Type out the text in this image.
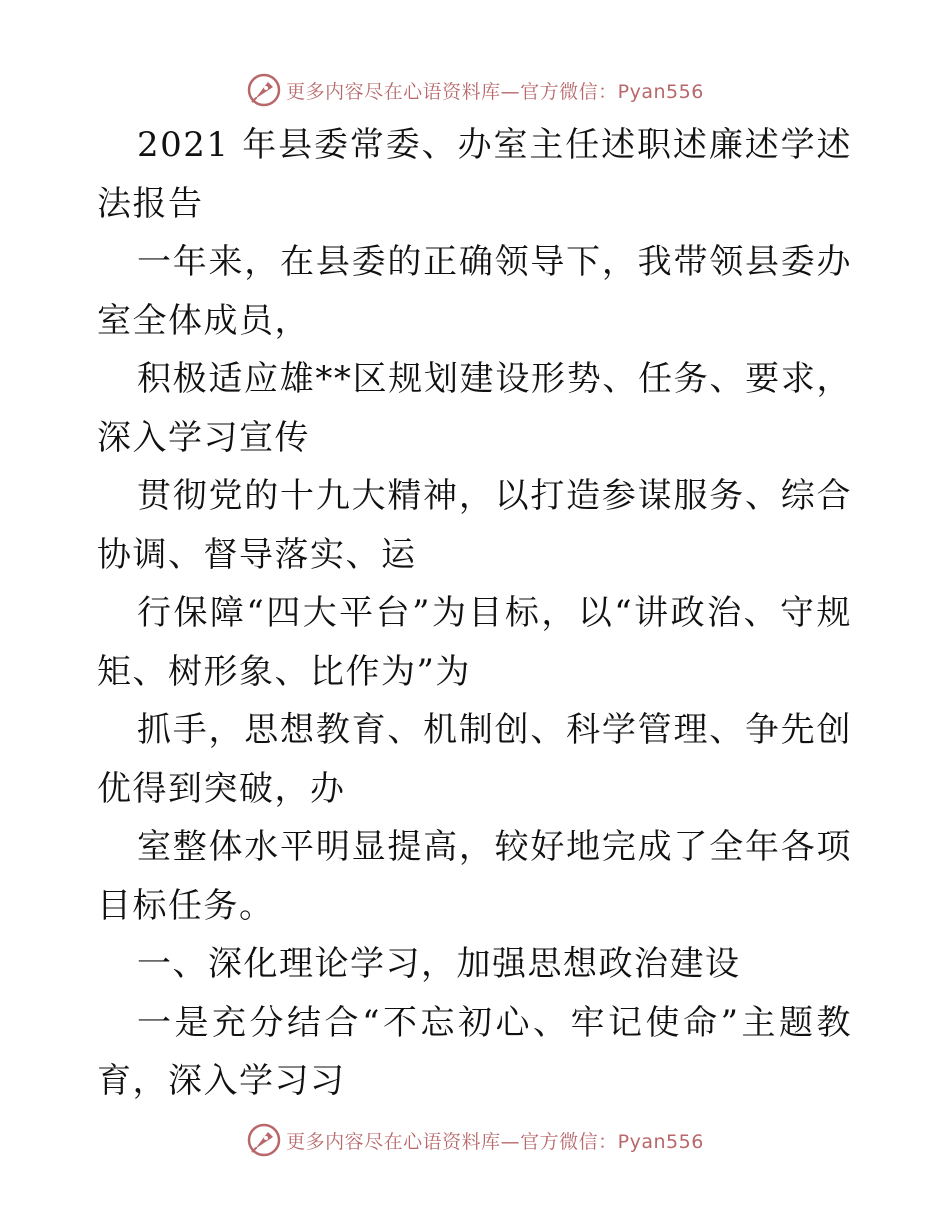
更多内容尽在心语资料库—官方微信：Pyan556

2021 年县委常委、办室主任述职述廉述学述法报告

一年来，在县委的正确领导下，我带领县委办室全体成员，

积极适应雄**区规划建设形势、任务、要求，深入学习宣传

贯彻党的十九大精神，以打造参谋服务、综合协调、督导落实、运

行保障“四大平台”为目标，以“讲政治、守规矩、树形象、比作为”为

抓手，思想教育、机制创、科学管理、争先创优得到突破，办

室整体水平明显提高，较好地完成了全年各项目标任务。

一、深化理论学习，加强思想政治建设

一是充分结合“不忘初心、牢记使命”主题教育，深入学习习

更多内容尽在心语资料库—官方微信：Pyan556
